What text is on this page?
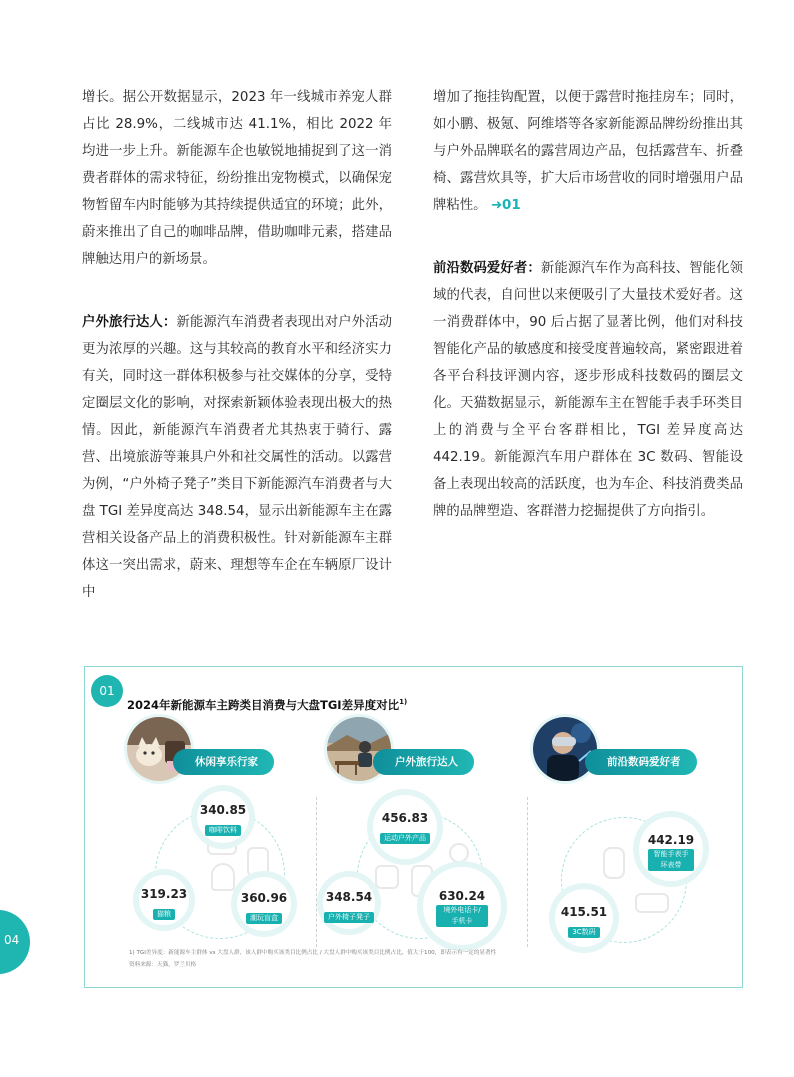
增长。据公开数据显示，2023 年一线城市养宠人群占比 28.9%，二线城市达 41.1%，相比 2022 年均进一步上升。新能源车企也敏锐地捕捉到了这一消费者群体的需求特征，纷纷推出宠物模式，以确保宠物暂留车内时能够为其持续提供适宜的环境；此外，蔚来推出了自己的咖啡品牌，借助咖啡元素，搭建品牌触达用户的新场景。

户外旅行达人：新能源汽车消费者表现出对户外活动更为浓厚的兴趣。这与其较高的教育水平和经济实力有关，同时这一群体积极参与社交媒体的分享，受特定圈层文化的影响，对探索新颖体验表现出极大的热情。因此，新能源汽车消费者尤其热衷于骑行、露营、出境旅游等兼具户外和社交属性的活动。以露营为例，“户外椅子凳子”类目下新能源汽车消费者与大盘 TGI 差异度高达 348.54，显示出新能源车主在露营相关设备产品上的消费积极性。针对新能源车主群体这一突出需求，蔚来、理想等车企在车辆原厂设计中

增加了拖挂钩配置，以便于露营时拖挂房车；同时，如小鹏、极氪、阿维塔等各家新能源品牌纷纷推出其与户外品牌联名的露营周边产品，包括露营车、折叠椅、露营炊具等，扩大后市场营收的同时增强用户品牌粘性。 ➜01

前沿数码爱好者：新能源汽车作为高科技、智能化领域的代表，自问世以来便吸引了大量技术爱好者。这一消费群体中，90 后占据了显著比例，他们对科技智能化产品的敏感度和接受度普遍较高，紧密跟进着各平台科技评测内容，逐步形成科技数码的圈层文化。天猫数据显示，新能源车主在智能手表手环类目上的消费与全平台客群相比，TGI 差异度高达 442.19。新能源汽车用户群体在 3C 数码、智能设备上表现出较高的活跃度，也为车企、科技消费类品牌的品牌塑造、客群潜力挖掘提供了方向指引。

01
2024年新能源车主跨类目消费与大盘TGI差异度对比$^{1)}$
休闲享乐行家
340.85
咖啡饮料
319.23
猫粮
360.96
潮玩盲盒
户外旅行达人
456.83
运动户外产品
348.54
户外椅子凳子
630.24
境外电话卡/手机卡
前沿数码爱好者
442.19
智能手表手环表带
415.51
3C数码
1) TGI差异度：新能源车主群体 vs 大盘人群，该人群中购买该类目比例占比 / 大盘人群中购买该类目比例占比，值大于100，即表示有一定的显著性
资料来源：天猫，罗兰贝格
04
